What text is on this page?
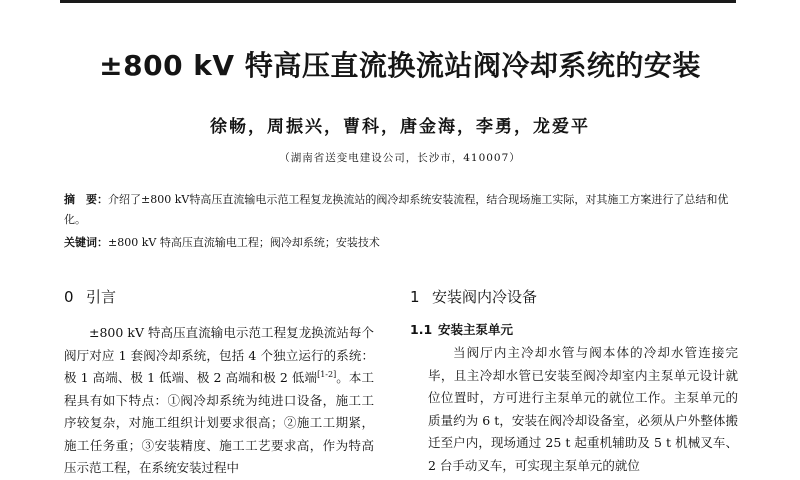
±800 kV 特高压直流换流站阀冷却系统的安装
徐畅，周振兴，曹科，唐金海，李勇，龙爱平
（湖南省送变电建设公司，长沙市，410007）
摘　要：介绍了±800 kV特高压直流输电示范工程复龙换流站的阀冷却系统安装流程，结合现场施工实际，对其施工方案进行了总结和优化。
关键词：±800 kV 特高压直流输电工程；阀冷却系统；安装技术
0 引言	1 安装阀内冷设备
1.1 安装主泵单元

±800 kV 特高压直流输电示范工程复龙换流站每个阀厅对应 1 套阀冷却系统，包括 4 个独立运行的系统：极 1 高端、极 1 低端、极 2 高端和极 2 低端[1-2]。本工程具有如下特点：①阀冷却系统为纯进口设备，施工工序较复杂，对施工组织计划要求很高；②施工工期紧，施工任务重；③安装精度、施工工艺要求高，作为特高压示范工程，在系统安装过程中

当阀厅内主冷却水管与阀本体的冷却水管连接完毕，且主冷却水管已安装至阀冷却室内主泵单元设计就位位置时，方可进行主泵单元的就位工作。主泵单元的质量约为 6 t，安装在阀冷却设备室，必须从户外整体搬迁至户内，现场通过 25 t 起重机辅助及 5 t 机械叉车、2 台手动叉车，可实现主泵单元的就位
